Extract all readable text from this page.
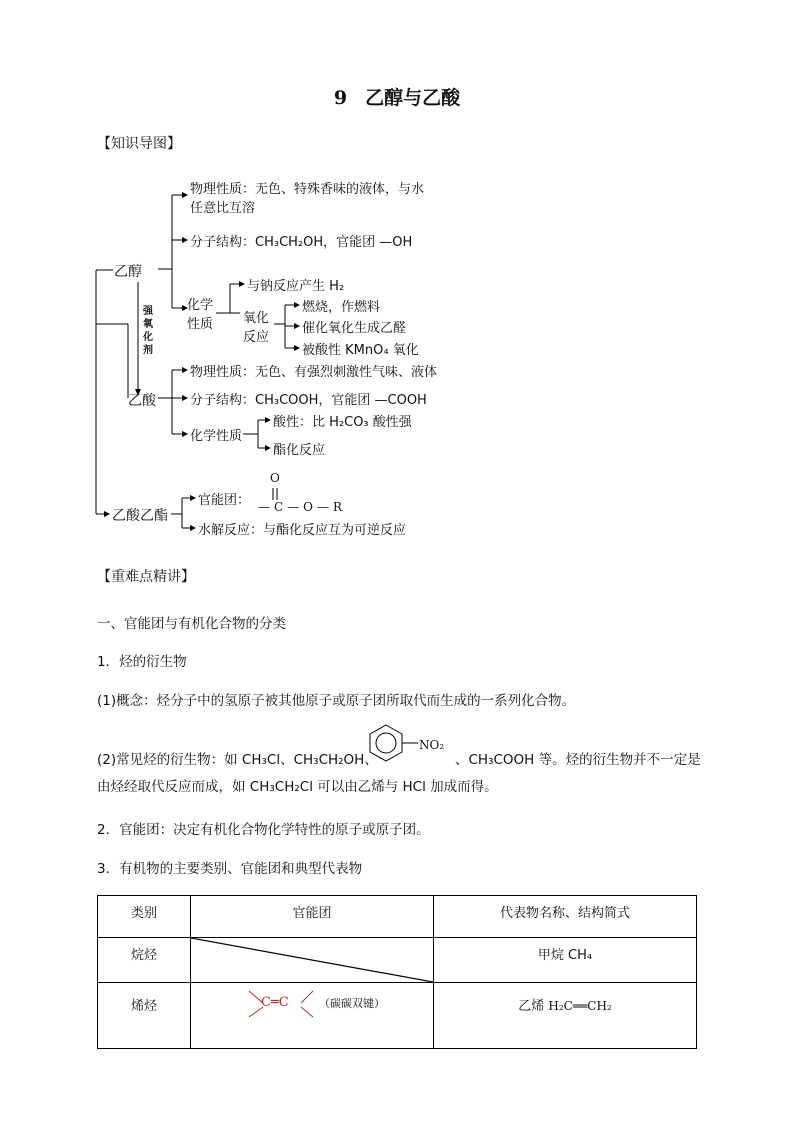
9 乙醇与乙酸
【知识导图】
乙醇
物理性质：无色、特殊香味的液体，与水
任意比互溶
分子结构：CH₃CH₂OH，官能团 —OH
化学
性质
与钠反应产生 H₂
氧化
反应
燃烧，作燃料
催化氧化生成乙醛
被酸性 KMnO₄ 氧化
强
氧
化
剂
乙酸
物理性质：无色、有强烈刺激性气味、液体
分子结构：CH₃COOH，官能团 —COOH
化学性质
酸性：比 H₂CO₃ 酸性强
酯化反应
乙酸乙酯
官能团：
O
—C—O—R
水解反应：与酯化反应互为可逆反应
【重难点精讲】
一、官能团与有机化合物的分类
1．烃的衍生物
(1)概念：烃分子中的氢原子被其他原子或原子团所取代而生成的一系列化合物。
(2)常见烃的衍生物：如 CH₃Cl、CH₃CH₂OH、
NO₂
、CH₃COOH 等。烃的衍生物并不一定是
由烃经取代反应而成，如 CH₃CH₂Cl 可以由乙烯与 HCl 加成而得。
2．官能团：决定有机化合物化学特性的原子或原子团。
3．有机物的主要类别、官能团和典型代表物
类别	官能团	代表物名称、结构简式
烷烃		甲烷 CH₄
烯烃	C═C （碳碳双键）	乙烯 H₂C══CH₂
